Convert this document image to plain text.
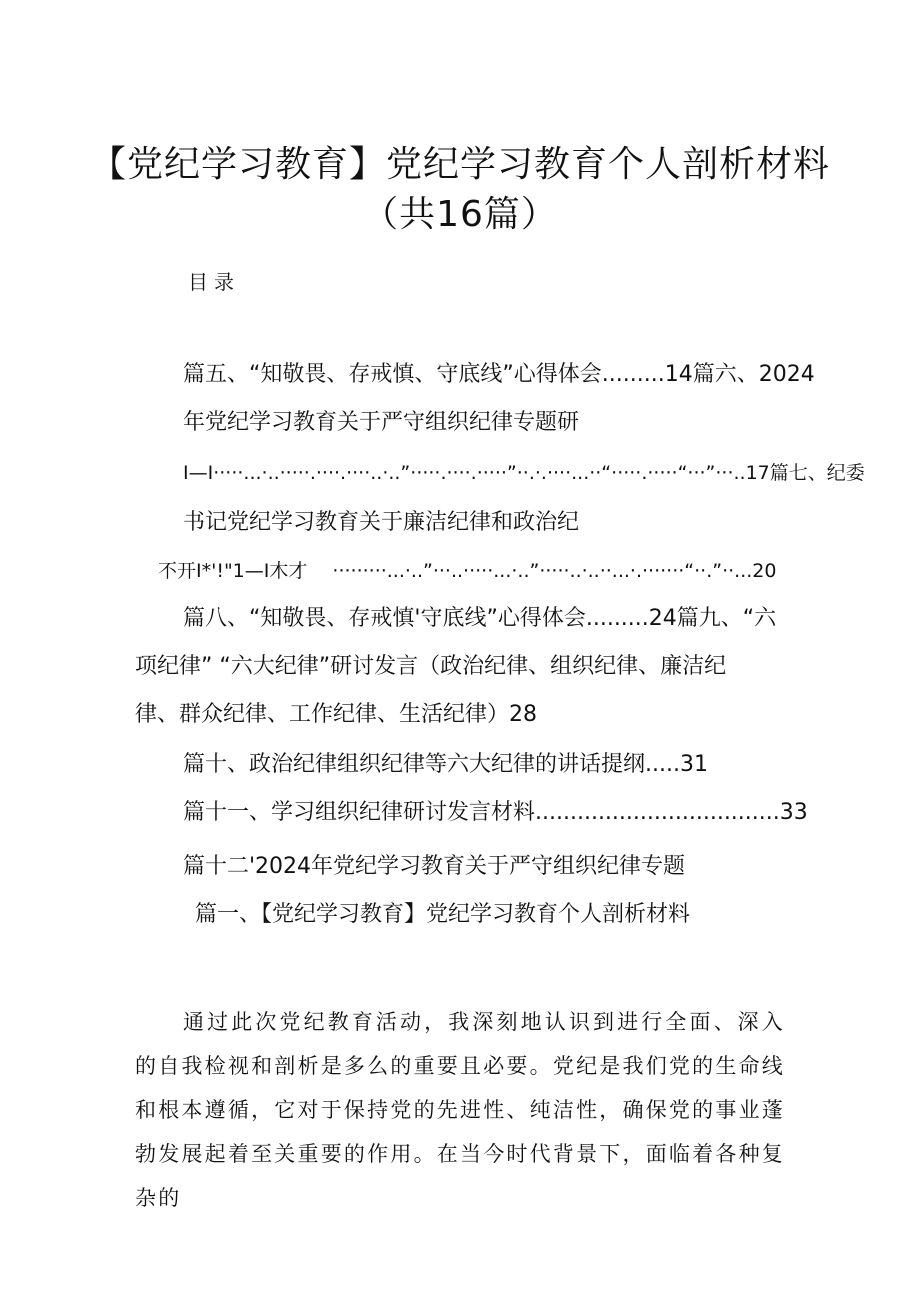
【党纪学习教育】党纪学习教育个人剖析材料（共16篇）
目录
篇五、“知敬畏、存戒慎、守底线”心得体会.........14篇六、2024
年党纪学习教育关于严守组织纪律专题研
I—I·····...·..·····.····.····..·..”·····.····.·····”··.·.····...··“·····.·····“···”···..17篇七、纪委
书记党纪学习教育关于廉洁纪律和政治纪
不开I*'!"1—I木才　 ·········...·..”···..·····...·..”·····..·..··...·.·······“··.”··...20
篇八、“知敬畏、存戒慎'守底线”心得体会.........24篇九、“六
项纪律” “六大纪律”研讨发言（政治纪律、组织纪律、廉洁纪
律、群众纪律、工作纪律、生活纪律）28
篇十、政治纪律组织纪律等六大纪律的讲话提纲.....31
篇十一、学习组织纪律研讨发言材料...................................33
篇十二'2024年党纪学习教育关于严守组织纪律专题
篇一、【党纪学习教育】党纪学习教育个人剖析材料
通过此次党纪教育活动，我深刻地认识到进行全面、深入的自我检视和剖析是多么的重要且必要。党纪是我们党的生命线和根本遵循，它对于保持党的先进性、纯洁性，确保党的事业蓬勃发展起着至关重要的作用。在当今时代背景下，面临着各种复杂的
